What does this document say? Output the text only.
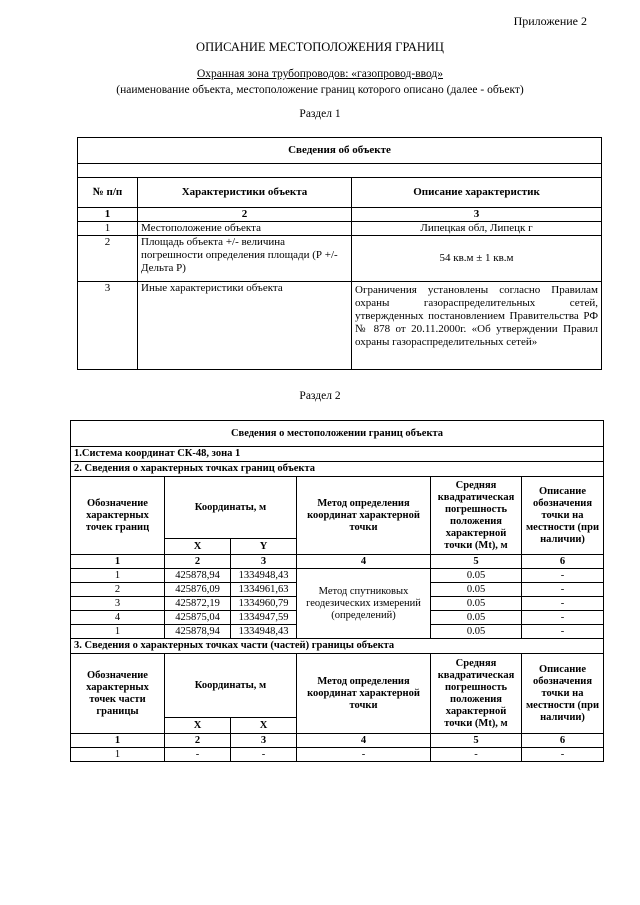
Приложение 2
ОПИСАНИЕ МЕСТОПОЛОЖЕНИЯ ГРАНИЦ
Охранная зона трубопроводов: «газопровод-ввод»
(наименование объекта, местоположение границ которого описано (далее - объект)
Раздел 1
Сведения об объекте		

№ п/п	Характеристики объекта	Описание характеристик
1	2	3
1	Местоположение объекта	Липецкая обл, Липецк г
2	Площадь объекта +/- величина погрешности определения площади (Р +/- Дельта Р)	54 кв.м ± 1 кв.м
3	Иные характеристики объекта	Ограничения установлены согласно Правилам охраны газораспределительных сетей, утвержденных постановлением Правительства РФ № 878 от 20.11.2000г. «Об утверждении Правил охраны газораспределительных сетей»
Раздел 2
Сведения о местоположении границ объекта					
1.Система координат СК-48, зона 1					
2. Сведения о характерных точках границ объекта					
Обозначение характерных точек границ	Координаты, м		Метод определения координат характерной точки	Средняя квадратическая погрешность положения характерной точки (Mt), м	Описание обозначения точки на местности (при наличии)
	X	Y			
1	2	3	4	5	6
1	425878,94	1334948,43	Метод спутниковых геодезических измерений (определений)	0.05	-
2	425876,09	1334961,63		0.05	-
3	425872,19	1334960,79		0.05	-
4	425875,04	1334947,59		0.05	-
1	425878,94	1334948,43		0.05	-
3. Сведения о характерных точках части (частей) границы объекта					
Обозначение характерных точек части границы	Координаты, м		Метод определения координат характерной точки	Средняя квадратическая погрешность положения характерной точки (Mt), м	Описание обозначения точки на местности (при наличии)
	X	X			
1	2	3	4	5	6
1	-	-	-	-	-
